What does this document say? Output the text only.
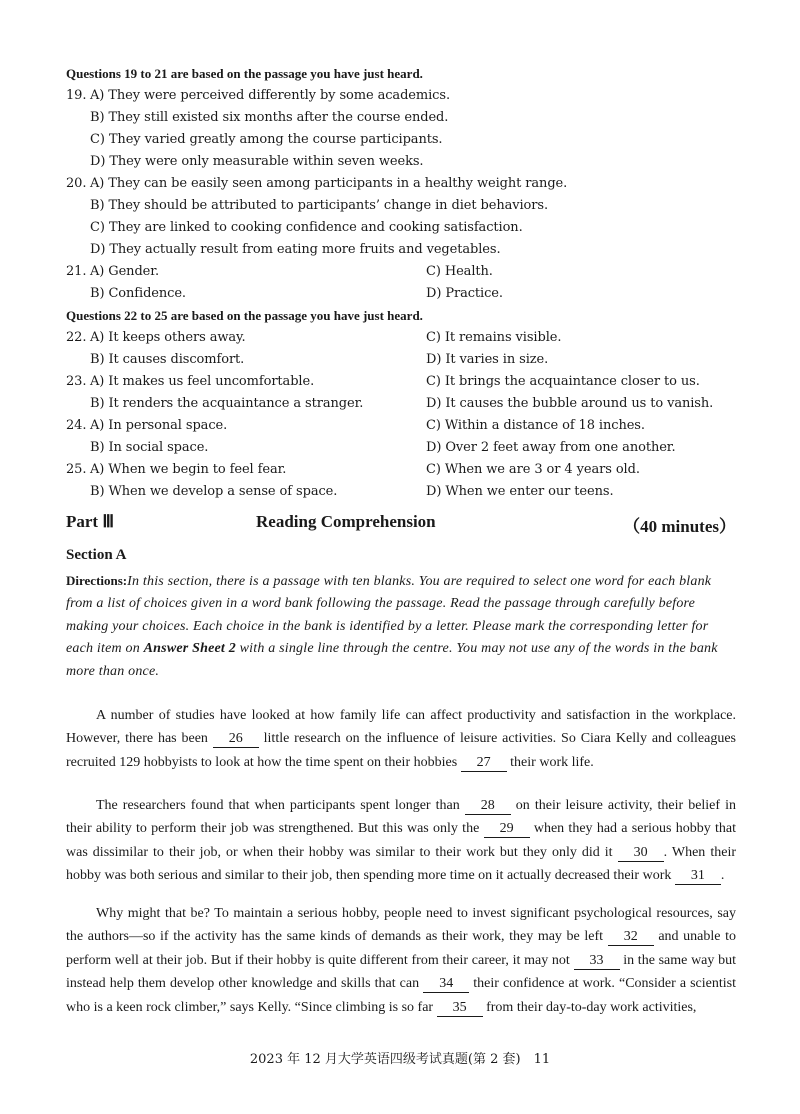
Questions 19 to 21 are based on the passage you have just heard.
19. A) They were perceived differently by some academics.
B) They still existed six months after the course ended.
C) They varied greatly among the course participants.
D) They were only measurable within seven weeks.
20. A) They can be easily seen among participants in a healthy weight range.
B) They should be attributed to participants’ change in diet behaviors.
C) They are linked to cooking confidence and cooking satisfaction.
D) They actually result from eating more fruits and vegetables.
21. A) Gender.	C) Health.
B) Confidence.	D) Practice.
Questions 22 to 25 are based on the passage you have just heard.
22. A) It keeps others away.	C) It remains visible.
B) It causes discomfort.	D) It varies in size.
23. A) It makes us feel uncomfortable.	C) It brings the acquaintance closer to us.
B) It renders the acquaintance a stranger.	D) It causes the bubble around us to vanish.
24. A) In personal space.	C) Within a distance of 18 inches.
B) In social space.	D) Over 2 feet away from one another.
25. A) When we begin to feel fear.	C) When we are 3 or 4 years old.
B) When we develop a sense of space.	D) When we enter our teens.
Part Ⅲ	Reading Comprehension	（40 minutes）
Section A
Directions:In this section, there is a passage with ten blanks. You are required to select one word for each blank from a list of choices given in a word bank following the passage. Read the passage through carefully before making your choices. Each choice in the bank is identified by a letter. Please mark the corresponding letter for each item on Answer Sheet 2 with a single line through the centre. You may not use any of the words in the bank more than once.
A number of studies have looked at how family life can affect productivity and satisfaction in the workplace. However, there has been 26 little research on the influence of leisure activities. So Ciara Kelly and colleagues recruited 129 hobbyists to look at how the time spent on their hobbies 27 their work life.
The researchers found that when participants spent longer than 28 on their leisure activity, their belief in their ability to perform their job was strengthened. But this was only the 29 when they had a serious hobby that was dissimilar to their job, or when their hobby was similar to their work but they only did it 30 . When their hobby was both serious and similar to their job, then spending more time on it actually decreased their work 31 .
Why might that be? To maintain a serious hobby, people need to invest significant psychological resources, say the authors—so if the activity has the same kinds of demands as their work, they may be left 32 and unable to perform well at their job. But if their hobby is quite different from their career, it may not 33 in the same way but instead help them develop other knowledge and skills that can 34 their confidence at work. “Consider a scientist who is a keen rock climber,” says Kelly. “Since climbing is so far 35 from their day-to-day work activities,
2023 年 12 月大学英语四级考试真题(第 2 套)　11
